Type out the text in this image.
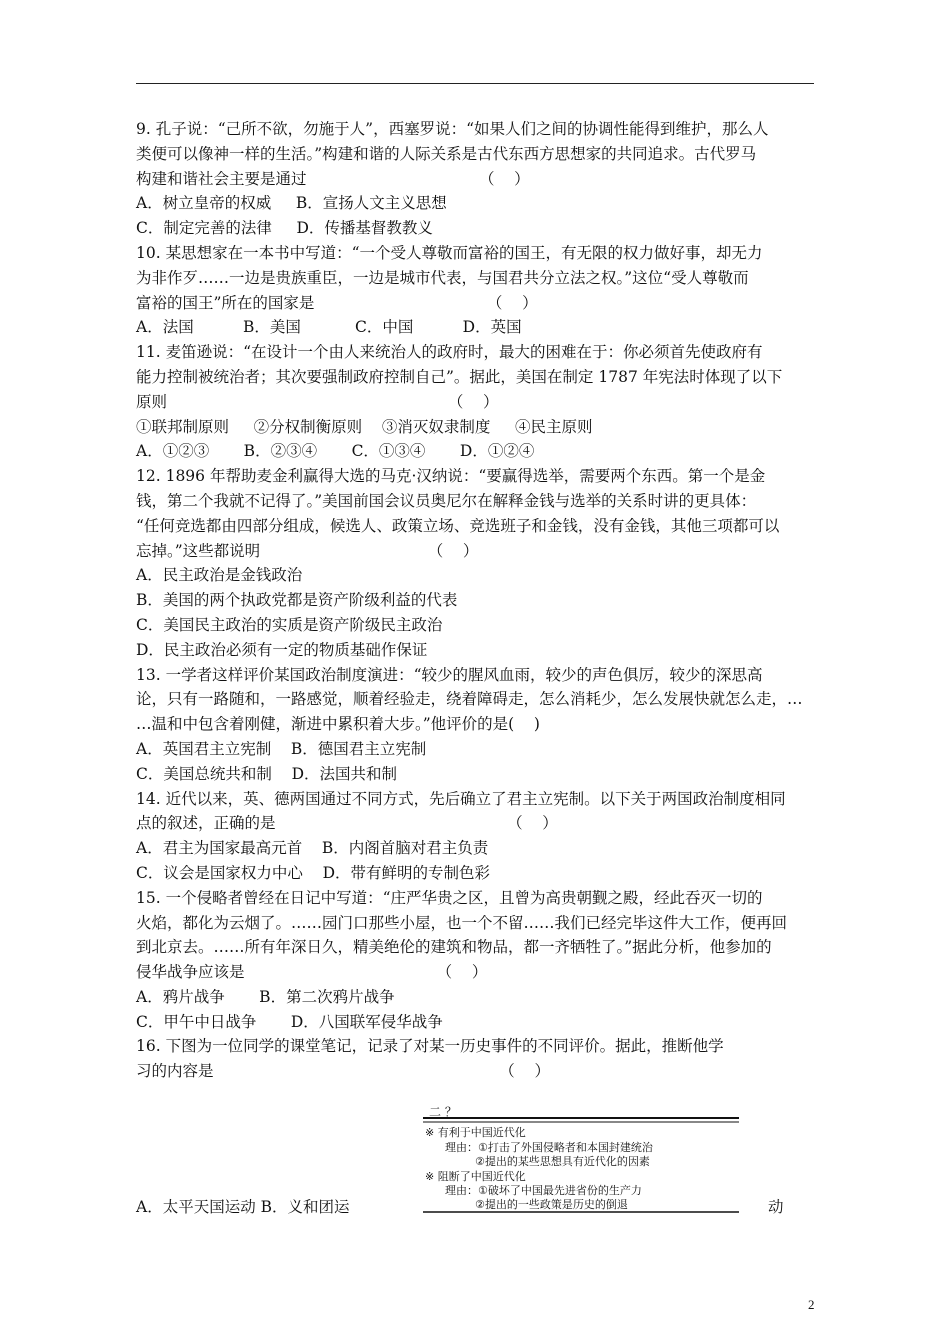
9. 孔子说：“己所不欲，勿施于人”，西塞罗说：“如果人们之间的协调性能得到维护，那么人
类便可以像神一样的生活。”构建和谐的人际关系是古代东西方思想家的共同追求。古代罗马
构建和谐社会主要是通过                                   （    ）
A．树立皇帝的权威     B．宣扬人文主义思想
C．制定完善的法律     D．传播基督教教义
10. 某思想家在一本书中写道：“一个受人尊敬而富裕的国王，有无限的权力做好事，却无力
为非作歹……一边是贵族重臣，一边是城市代表，与国君共分立法之权。”这位“受人尊敬而
富裕的国王”所在的国家是                                   （    ）
A．法国          B．美国           C．中国          D．英国
11. 麦笛逊说：“在设计一个由人来统治人的政府时，最大的困难在于：你必须首先使政府有
能力控制被统治者；其次要强制政府控制自己”。据此，美国在制定 1787 年宪法时体现了以下
原则                                                         （    ）
①联邦制原则     ②分权制衡原则    ③消灭奴隶制度     ④民主原则
A．①②③       B．②③④       C．①③④       D．①②④
12. 1896 年帮助麦金利赢得大选的马克·汉纳说：“要赢得选举，需要两个东西。第一个是金
钱，第二个我就不记得了。”美国前国会议员奥尼尔在解释金钱与选举的关系时讲的更具体：
“任何竞选都由四部分组成，候选人、政策立场、竞选班子和金钱，没有金钱，其他三项都可以
忘掉。”这些都说明                                  （    ）
A．民主政治是金钱政治
B．美国的两个执政党都是资产阶级利益的代表
C．美国民主政治的实质是资产阶级民主政治
D．民主政治必须有一定的物质基础作保证
13. 一学者这样评价某国政治制度演进：“较少的腥风血雨，较少的声色俱厉，较少的深思高
论，只有一路随和，一路感觉，顺着经验走，绕着障碍走，怎么消耗少，怎么发展快就怎么走，…
…温和中包含着刚健，渐进中累积着大步。”他评价的是(    )
A．英国君主立宪制    B．德国君主立宪制
C．美国总统共和制    D．法国共和制
14. 近代以来，英、德两国通过不同方式，先后确立了君主立宪制。以下关于两国政治制度相同
点的叙述，正确的是                                               （    ）
A．君主为国家最高元首    B．内阁首脑对君主负责
C．议会是国家权力中心    D．带有鲜明的专制色彩
15. 一个侵略者曾经在日记中写道：“庄严华贵之区，且曾为高贵朝觐之殿，经此吞灭一切的
火焰，都化为云烟了。……园门口那些小屋，也一个不留……我们已经完毕这件大工作，便再回
到北京去。……所有年深日久，精美绝伦的建筑和物品，都一齐牺牲了。”据此分析，他参加的
侵华战争应该是                                       （    ）
A．鸦片战争       B．第二次鸦片战争
C．甲午中日战争       D．八国联军侵华战争
16. 下图为一位同学的课堂笔记，记录了对某一历史事件的不同评价。据此，推断他学
习的内容是                                                          （    ）
二 ？
※ 有利于中国近代化
理由：①打击了外国侵略者和本国封建统治
②提出的某些思想具有近代化的因素
※ 阻断了中国近代化
理由：①破坏了中国最先进省份的生产力
②提出的一些政策是历史的倒退
A．太平天国运动 B．义和团运	动
2
